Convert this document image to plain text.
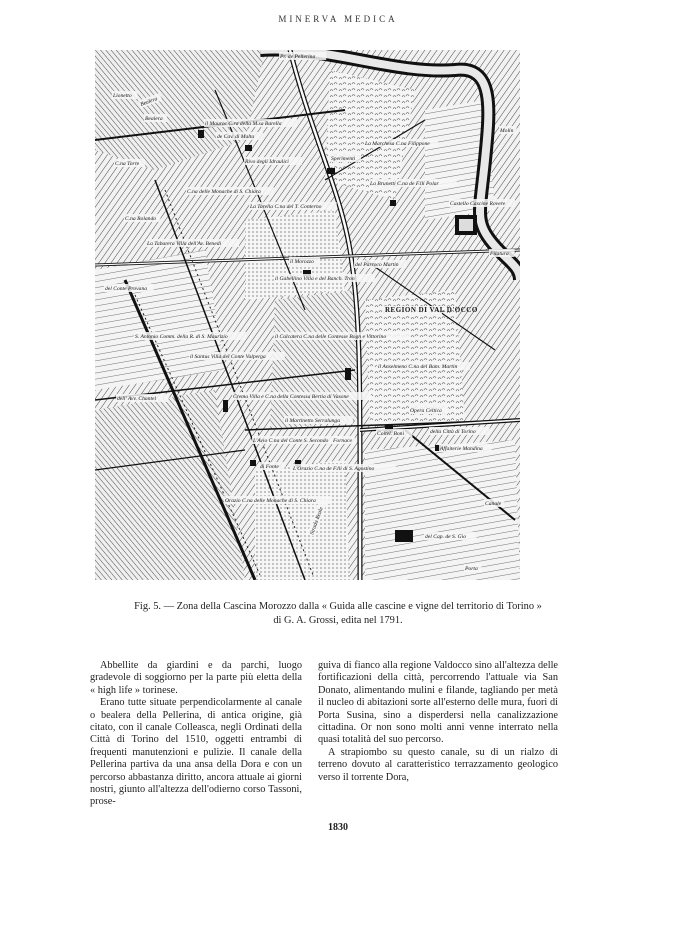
MINERVA MEDICA
Pr. de Pellerina
Lionetto
Bealera
Bealera
il Mauroc C.ra della M.sa Barella
de Cav. di Malta
Rivo degli Idraulici	Sperimenti
La Marchesa C.na Filippone
La Brunetti C.na de F.lli Polar
Castello Cascine Rovere
Molin
C.na Torre
C.na delle Monache di S. Chiara
La Tarella C.na del T. Conterno
C.na Rolando
La Tabarera Villa dell'Av. Benedi
il Morozzo	del Parroco Martin
Filatura
del Conte Provana
il Gabellino Villa e del Banch. Tron
REGION DI VAL D'OCCO
S. Antonio Comm. della R. di S. Maurizio	il Calcatera C.na delle Contesse Bogn e Vittorino
il Santus Villa del Conte Valperga
il Anselmeno C.na del Bam. Martin
dell' Avv. Chantel	Crema Villa e C.na della Contessa Bertia di Vasone
il Martinetto Serralunga
Opera Celtica
Coltel. Boni	della Città di Torino
L'Avio C.na del Conte S. Secondo Fornace
Affaiterie Mandina
di Fonte	L'Orazio C.na de F.lli di S. Agostino
Canale
Orazio C.na delle Monache di S. Chiara
Strada Reale
del Cap. de S. Gio
Porta
Fig. 5. — Zona della Cascina Morozzo dalla « Guida alle cascine e vigne del territorio di Torino »
di G. A. Grossi, edita nel 1791.

Abbellite da giardini e da parchi, luogo gradevole di soggiorno per la parte più eletta della « high life » torinese.

Erano tutte situate perpendicolarmente al canale o bealera della Pellerina, di antica origine, già citato, con il canale Colleasca, negli Ordinati della Città di Torino del 1510, oggetti entrambi di frequenti manutenzioni e pulizie. Il canale della Pellerina partiva da una ansa della Dora e con un percorso abbastanza diritto, ancora attuale ai giorni nostri, giunto all'altezza dell'odierno corso Tassoni, prose-

guiva di fianco alla regione Valdocco sino all'altezza delle fortificazioni della città, percorrendo l'attuale via San Donato, alimentando mulini e filande, tagliando per metà il nucleo di abitazioni sorte all'esterno delle mura, fuori di Porta Susina, sino a disperdersi nella canalizzazione cittadina. Or non sono molti anni venne interrato nella quasi totalità del suo percorso.

A strapiombo su questo canale, su di un rialzo di terreno dovuto al caratteristico terrazzamento geologico verso il torrente Dora,

1830
